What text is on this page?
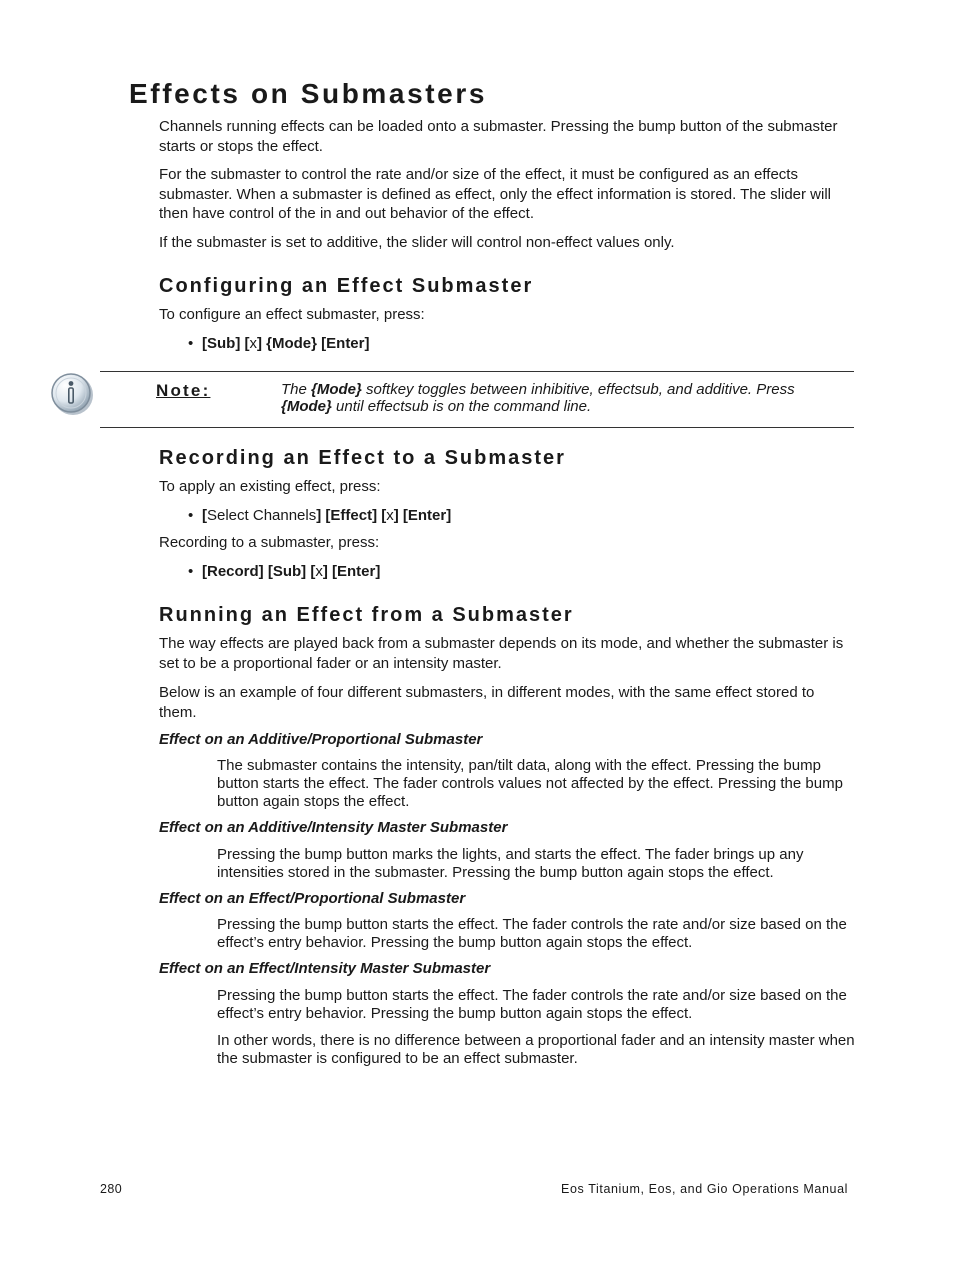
Effects on Submasters

Channels running effects can be loaded onto a submaster. Pressing the bump button of the submaster starts or stops the effect.

For the submaster to control the rate and/or size of the effect, it must be configured as an effects submaster. When a submaster is defined as effect, only the effect information is stored. The slider will then have control of the in and out behavior of the effect.

If the submaster is set to additive, the slider will control non-effect values only.

Configuring an Effect Submaster

To configure an effect submaster, press:

• [Sub] [x] {Mode} [Enter]
Note:	The {Mode} softkey toggles between inhibitive, effectsub, and additive. Press {Mode} until effectsub is on the command line.
Recording an Effect to a Submaster

To apply an existing effect, press:

• [Select Channels] [Effect] [x] [Enter]

Recording to a submaster, press:

• [Record] [Sub] [x] [Enter]
Running an Effect from a Submaster

The way effects are played back from a submaster depends on its mode, and whether the submaster is set to be a proportional fader or an intensity master.

Below is an example of four different submasters, in different modes, with the same effect stored to them.

Effect on an Additive/Proportional Submaster

The submaster contains the intensity, pan/tilt data, along with the effect. Pressing the bump button starts the effect. The fader controls values not affected by the effect. Pressing the bump button again stops the effect.

Effect on an Additive/Intensity Master Submaster

Pressing the bump button marks the lights, and starts the effect. The fader brings up any intensities stored in the submaster. Pressing the bump button again stops the effect.

Effect on an Effect/Proportional Submaster

Pressing the bump button starts the effect. The fader controls the rate and/or size based on the effect’s entry behavior. Pressing the bump button again stops the effect.

Effect on an Effect/Intensity Master Submaster

Pressing the bump button starts the effect. The fader controls the rate and/or size based on the effect’s entry behavior. Pressing the bump button again stops the effect.

In other words, there is no difference between a proportional fader and an intensity master when the submaster is configured to be an effect submaster.

280	Eos Titanium, Eos, and Gio Operations Manual
